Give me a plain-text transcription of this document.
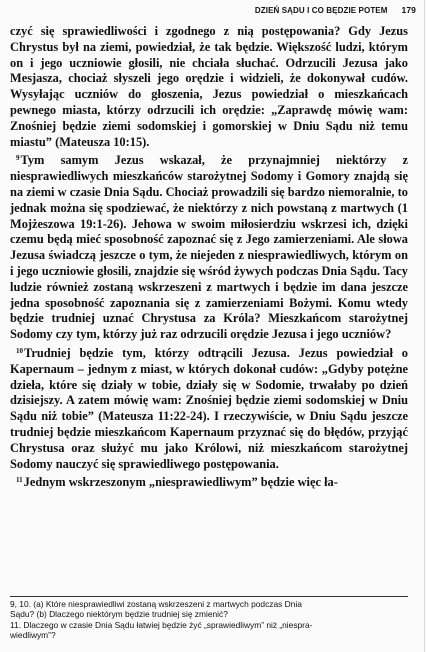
DZIEŃ SĄDU I CO BĘDZIE POTEM 179

czyć się sprawiedliwości i zgodnego z nią postępowania? Gdy Jezus Chrystus był na ziemi, powiedział, że tak będzie. Większość ludzi, którym on i jego uczniowie głosili, nie chciała słuchać. Odrzucili Jezusa jako Mesjasza, chociaż słyszeli jego orędzie i widzieli, że dokonywał cudów. Wysyłając uczniów do głoszenia, Jezus powiedział o mieszkańcach pewnego miasta, którzy odrzucili ich orędzie: „Zaprawdę mówię wam: Znośniej będzie ziemi sodomskiej i gomorskiej w Dniu Sądu niż temu miastu” (Mateusza 10:15).

$^9$Tym samym Jezus wskazał, że przynajmniej niektórzy z niesprawiedliwych mieszkańców starożytnej Sodomy i Gomory znajdą się na ziemi w czasie Dnia Sądu. Chociaż prowadzili się bardzo niemoralnie, to jednak można się spodziewać, że niektórzy z nich powstaną z martwych (1 Mojżeszowa 19:1-26). Jehowa w swoim miłosierdziu wskrzesi ich, dzięki czemu będą mieć sposobność zapoznać się z Jego zamierzeniami. Ale słowa Jezusa świadczą jeszcze o tym, że niejeden z niesprawiedliwych, którym on i jego uczniowie głosili, znajdzie się wśród żywych podczas Dnia Sądu. Tacy ludzie również zostaną wskrzeszeni z martwych i będzie im dana jeszcze jedna sposobność zapoznania się z zamierzeniami Bożymi. Komu wtedy będzie trudniej uznać Chrystusa za Króla? Mieszkańcom starożytnej Sodomy czy tym, którzy już raz odrzucili orędzie Jezusa i jego uczniów?

$^{10}$Trudniej będzie tym, którzy odtrącili Jezusa. Jezus powiedział o Kapernaum – jednym z miast, w których dokonał cudów: „Gdyby potężne dzieła, które się działy w tobie, działy się w Sodomie, trwałaby po dzień dzisiejszy. A zatem mówię wam: Znośniej będzie ziemi sodomskiej w Dniu Sądu niż tobie” (Mateusza 11:22-24). I rzeczywiście, w Dniu Sądu jeszcze trudniej będzie mieszkańcom Kapernaum przyznać się do błędów, przyjąć Chrystusa oraz służyć mu jako Królowi, niż mieszkańcom starożytnej Sodomy nauczyć się sprawiedliwego postępowania.

$^{11}$Jednym wskrzeszonym „niesprawiedliwym” będzie więc ła-

9, 10. (a) Które niesprawiedliwi zostaną wskrzeszeni z martwych podczas Dnia

Sądu? (b) Dlaczego niektórym będzie trudniej się zmienić?

11. Dlaczego w czasie Dnia Sądu łatwiej będzie żyć „sprawiedliwym” niż „niespra-

wiedliwym”?
